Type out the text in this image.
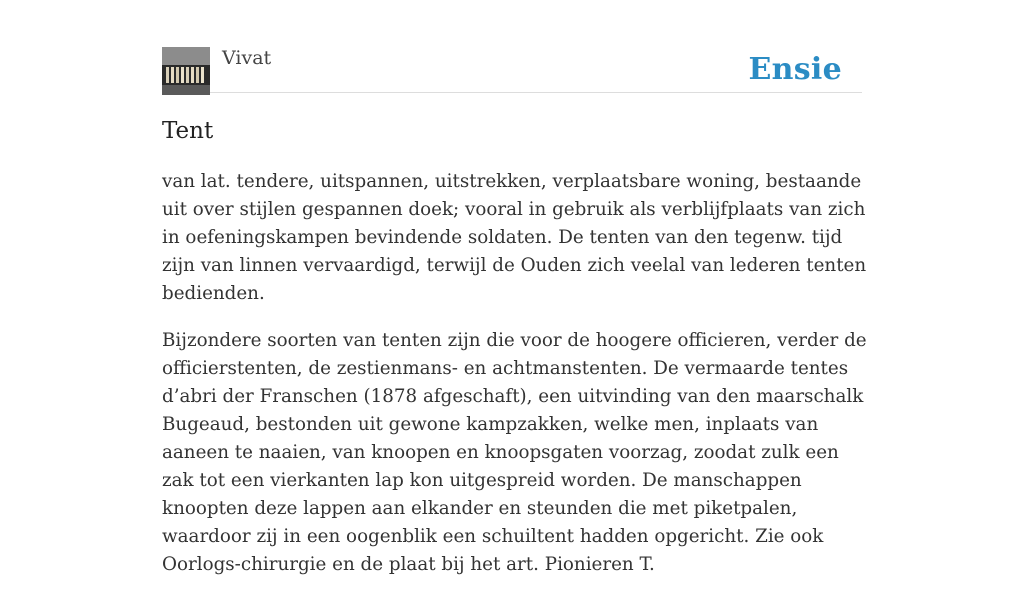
Vivat	Ensie
Tent

van lat. tendere, uitspannen, uitstrekken, verplaatsbare woning, bestaande uit over stijlen gespannen doek; vooral in gebruik als verblijfplaats van zich in oefeningskampen bevindende soldaten. De tenten van den tegenw. tijd zijn van linnen vervaardigd, terwijl de Ouden zich veelal van lederen tenten bedienden.

Bijzondere soorten van tenten zijn die voor de hoogere officieren, verder de officierstenten, de zestienmans- en achtmanstenten. De vermaarde tentes d’abri der Franschen (1878 afgeschaft), een uitvinding van den maarschalk Bugeaud, bestonden uit gewone kampzakken, welke men, inplaats van aaneen te naaien, van knoopen en knoopsgaten voorzag, zoodat zulk een zak tot een vierkanten lap kon uitgespreid worden. De manschappen knoopten deze lappen aan elkander en steunden die met piketpalen, waardoor zij in een oogenblik een schuiltent hadden opgericht. Zie ook Oorlogs-chirurgie en de plaat bij het art. Pionieren T.
